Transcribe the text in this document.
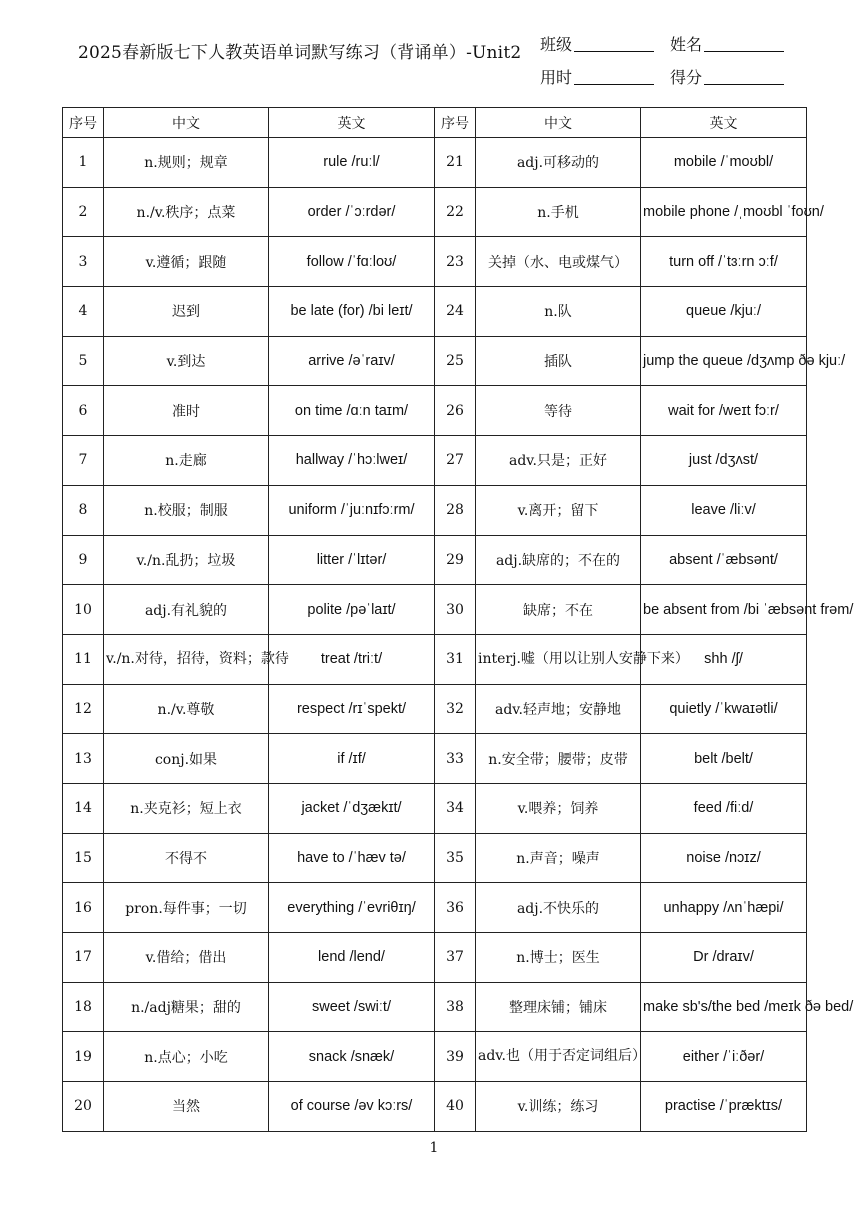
2025春新版七下人教英语单词默写练习（背诵单）-Unit2 班级	姓名
用时	得分
序号	中文	英文	序号	中文	英文
1	n.规则；规章	rule /ruːl/	21	adj.可移动的	mobile /ˈmoʊbl/
2	n./v.秩序；点菜	order /ˈɔːrdər/	22	n.手机	mobile phone /ˌmoʊbl ˈfoʊn/
3	v.遵循；跟随	follow /ˈfɑːloʊ/	23	关掉（水、电或煤气）	turn off /ˈtɜːrn ɔːf/
4	迟到	be late (for) /bi leɪt/	24	n.队	queue /kjuː/
5	v.到达	arrive /əˈraɪv/	25	插队	jump the queue /dʒʌmp ðə kjuː/
6	准时	on time /ɑːn taɪm/	26	等待	wait for /weɪt fɔːr/
7	n.走廊	hallway /ˈhɔːlweɪ/	27	adv.只是；正好	just /dʒʌst/
8	n.校服；制服	uniform /ˈjuːnɪfɔːrm/	28	v.离开；留下	leave /liːv/
9	v./n.乱扔；垃圾	litter /ˈlɪtər/	29	adj.缺席的；不在的	absent /ˈæbsənt/
10	adj.有礼貌的	polite /pəˈlaɪt/	30	缺席；不在	be absent from /bi ˈæbsənt frəm/
11	v./n.对待，招待，资料；款待	treat /triːt/	31	interj.嘘（用以让别人安静下来）	shh /ʃ/
12	n./v.尊敬	respect /rɪˈspekt/	32	adv.轻声地；安静地	quietly /ˈkwaɪətli/
13	conj.如果	if /ɪf/	33	n.安全带；腰带；皮带	belt /belt/
14	n.夹克衫；短上衣	jacket /ˈdʒækɪt/	34	v.喂养；饲养	feed /fiːd/
15	不得不	have to /ˈhæv tə/	35	n.声音；噪声	noise /nɔɪz/
16	pron.每件事；一切	everything /ˈevriθɪŋ/	36	adj.不快乐的	unhappy /ʌnˈhæpi/
17	v.借给；借出	lend /lend/	37	n.博士；医生	Dr /draɪv/
18	n./adj糖果；甜的	sweet /swiːt/	38	整理床铺；铺床	make sb's/the bed /meɪk ðə bed/
19	n.点心；小吃	snack /snæk/	39	adv.也（用于否定词组后）	either /ˈiːðər/
20	当然	of course /əv kɔːrs/	40	v.训练；练习	practise /ˈpræktɪs/
1
